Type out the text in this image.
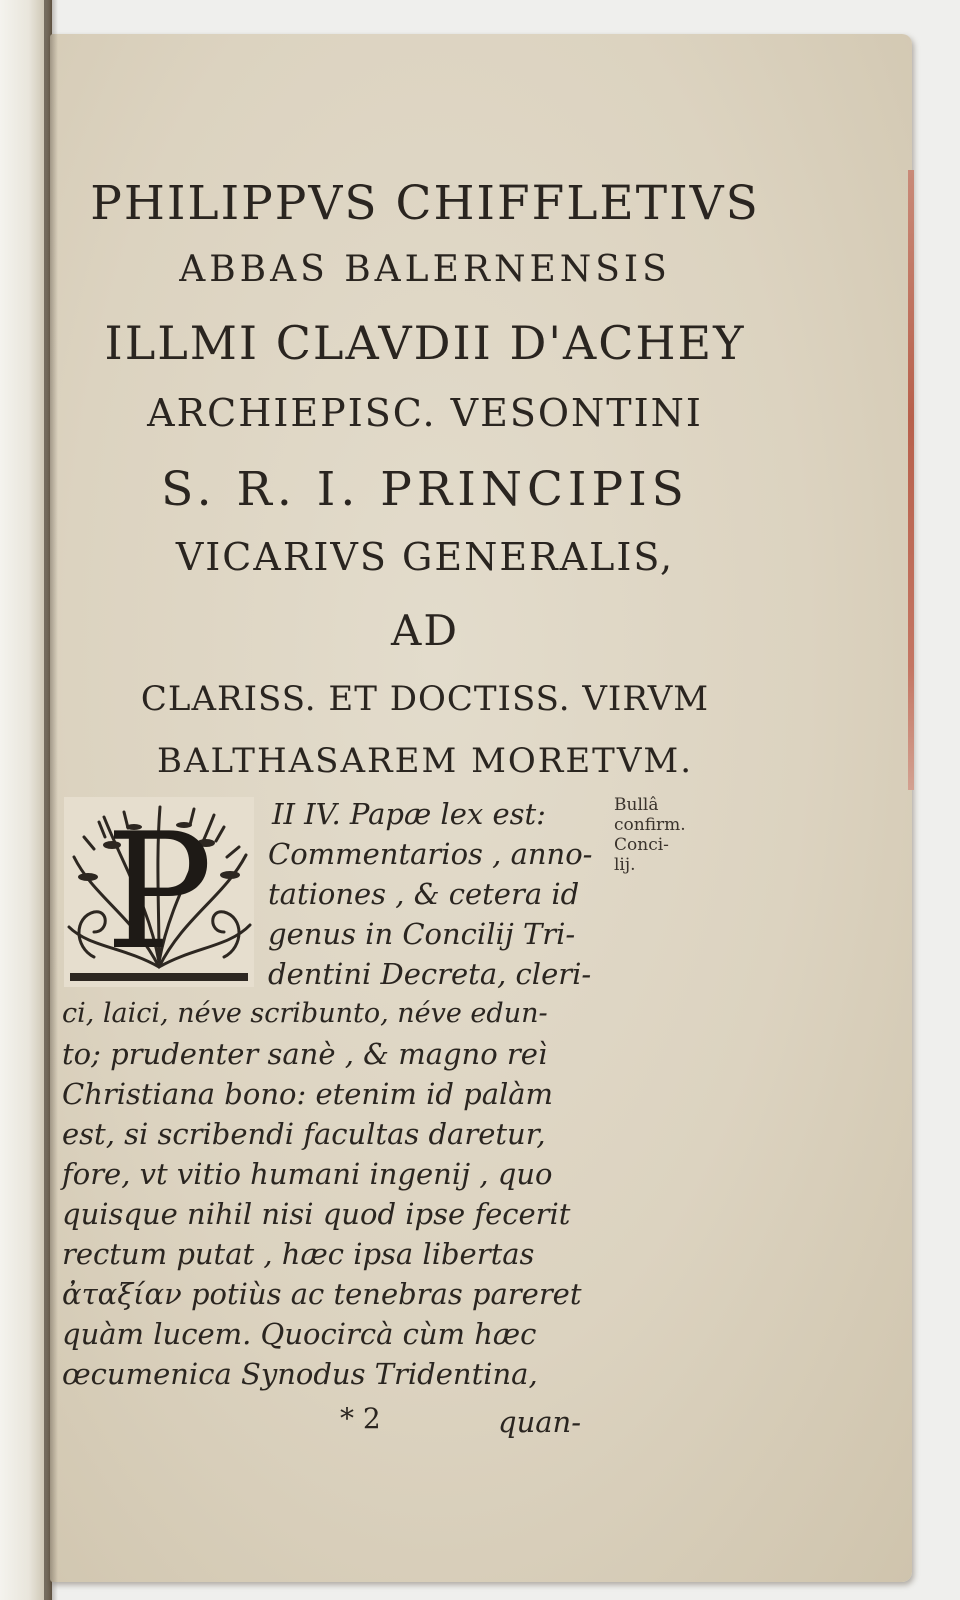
PHILIPPVS CHIFFLETIVS
ABBAS BALERNENSIS
ILLMI CLAVDII D'ACHEY
ARCHIEPISC. VESONTINI
S. R. I. PRINCIPIS
VICARIVS GENERALIS,
AD
CLARISS. ET DOCTISS. VIRVM
BALTHASAREM MORETVM.
P II IV. Papæ lex est:
Commentarios , anno-
tationes , & cetera id
genus in Concilij Tri-
dentini Decreta, cleri-
ci, laici, néve scribunto, néve edun-
to; prudenter sanè , & magno reì
Christiana bono: etenim id palàm
est, si scribendi facultas daretur,
fore, vt vitio humani ingenij , quo
quisque nihil nisi quod ipse fecerit
rectum putat , hæc ipsa libertas
ἀταξίαν potiùs ac tenebras pareret
quàm lucem. Quocircà cùm hæc
œcumenica Synodus Tridentina,
Bullâ
confirm.
Conci-
lij.
* 2	quan-
